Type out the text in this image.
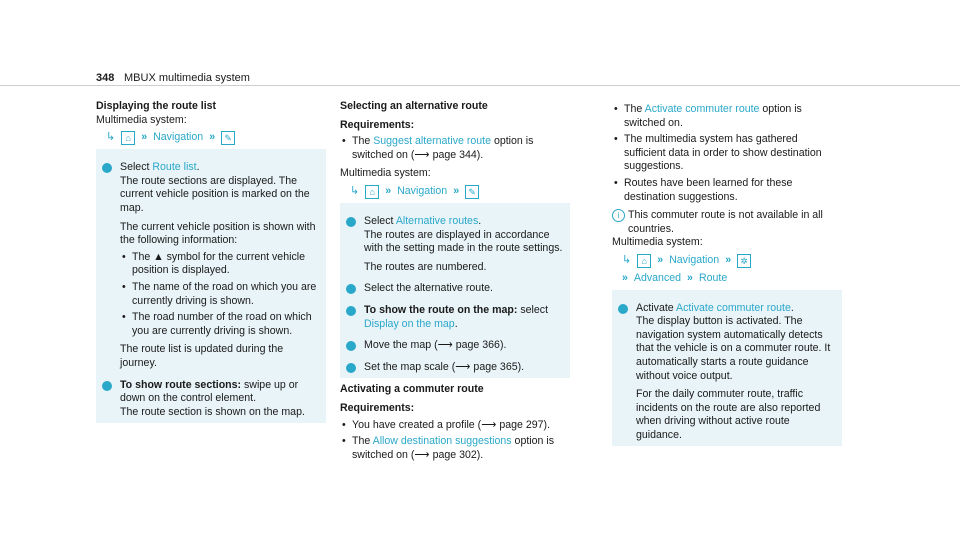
348 MBUX multimedia system
Displaying the route list
Multimedia system:
↳	⌂ » Navigation »	✎
Select Route list.
The route sections are displayed. The current vehicle position is marked on the map.
The current vehicle position is shown with the following information:
• The ▲ symbol for the current vehicle position is displayed.
• The name of the road on which you are currently driving is shown.
• The road number of the road on which you are currently driving is shown.
The route list is updated during the journey.
To show route sections: swipe up or down on the control element.
The route section is shown on the map.
Selecting an alternative route
Requirements:
• The Suggest alternative route option is switched on (⟶ page 344).
Multimedia system:
↳	⌂ » Navigation »	✎
Select Alternative routes.
The routes are displayed in accordance with the setting made in the route settings.
The routes are numbered.
Select the alternative route.
To show the route on the map: select Display on the map.
Move the map (⟶ page 366).
Set the map scale (⟶ page 365).
Activating a commuter route
Requirements:
• You have created a profile (⟶ page 297).
• The Allow destination suggestions option is switched on (⟶ page 302).
• The Activate commuter route option is switched on.
• The multimedia system has gathered sufficient data in order to show destination suggestions.
• Routes have been learned for these destination suggestions.
i This commuter route is not available in all countries.
Multimedia system:
↳	⌂ » Navigation »	✲
» Advanced » Route
Activate Activate commuter route.
The display button is activated. The navigation system automatically detects that the vehicle is on a commuter route. It automatically starts a route guidance without voice output.
For the daily commuter route, traffic incidents on the route are also reported when driving without active route guidance.
